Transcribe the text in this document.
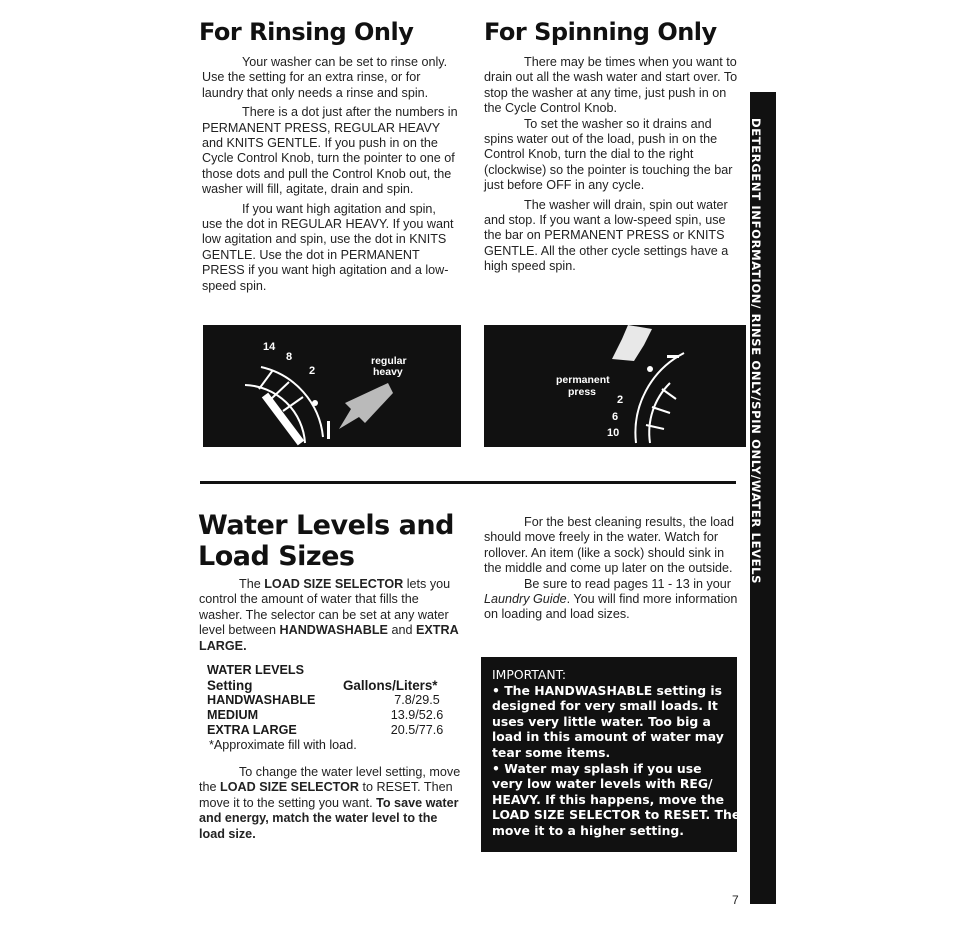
For Rinsing Only

Your washer can be set to rinse only. Use the setting for an extra rinse, or for laundry that only needs a rinse and spin.

There is a dot just after the numbers in PERMANENT PRESS, REGULAR HEAVY and KNITS GENTLE. If you push in on the Cycle Control Knob, turn the pointer to one of those dots and pull the Control Knob out, the washer will fill, agitate, drain and spin.

If you want high agitation and spin, use the dot in REGULAR HEAVY. If you want low agitation and spin, use the dot in KNITS GENTLE. Use the dot in PERMANENT PRESS if you want high agitation and a low-speed spin.

For Spinning Only

There may be times when you want to drain out all the wash water and start over. To stop the washer at any time, just push in on the Cycle Control Knob.

To set the washer so it drains and spins water out of the load, push in on the Control Knob, turn the dial to the right (clockwise) so the pointer is touching the bar just before OFF in any cycle.

The washer will drain, spin out water and stop. If you want a low-speed spin, use the bar on PERMANENT PRESS or KNITS GENTLE. All the other cycle settings have a high speed spin.

14
8
2
regular
heavy
permanent
press
2
6
10	DETERGENT INFORMATION/ RINSE ONLY/SPIN ONLY/WATER LEVELS
Water Levels and
Load Sizes

The LOAD SIZE SELECTOR lets you control the amount of water that fills the washer. The selector can be set at any water level between HANDWASHABLE and EXTRA LARGE.

WATER LEVELS
Setting	Gallons/Liters*
HANDWASHABLE	7.8/29.5
MEDIUM	13.9/52.6
EXTRA LARGE	20.5/77.6
*Approximate fill with load.

To change the water level setting, move the LOAD SIZE SELECTOR to RESET. Then move it to the setting you want. To save water and energy, match the water level to the load size.

For the best cleaning results, the load should move freely in the water. Watch for rollover. An item (like a sock) should sink in the middle and come up later on the outside.

Be sure to read pages 11 - 13 in your Laundry Guide. You will find more information on loading and load sizes.

IMPORTANT:
• The HANDWASHABLE setting is
designed for very small loads. It
uses very little water. Too big a
load in this amount of water may
tear some items.
• Water may splash if you use
very low water levels with REG/
HEAVY. If this happens, move the
LOAD SIZE SELECTOR to RESET. Then
move it to a higher setting.
7
